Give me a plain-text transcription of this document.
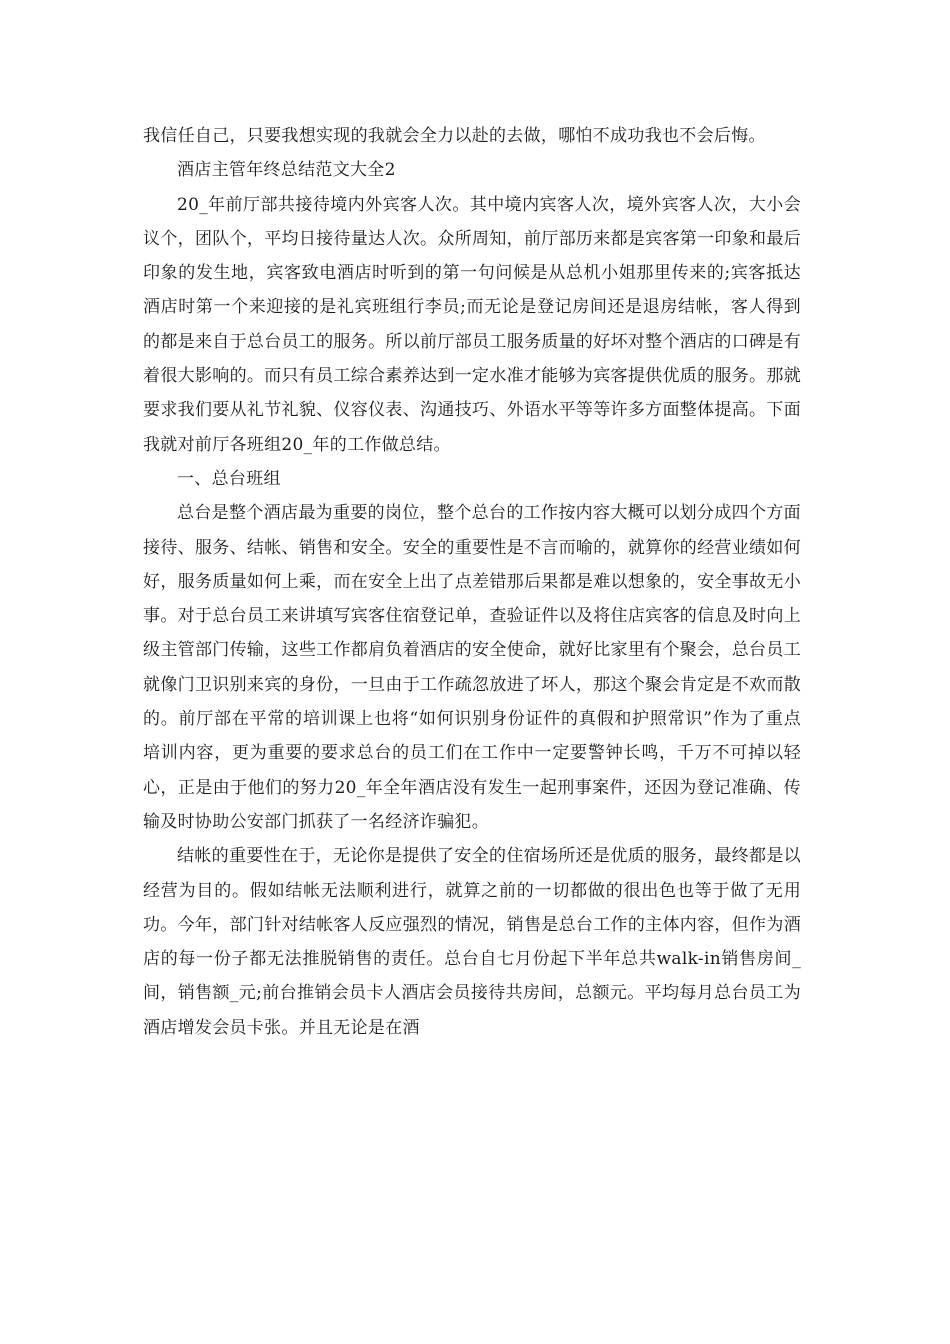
我信任自己，只要我想实现的我就会全力以赴的去做，哪怕不成功我也不会后悔。

酒店主管年终总结范文大全2

20_年前厅部共接待境内外宾客人次。其中境内宾客人次，境外宾客人次，大小会议个，团队个，平均日接待量达人次。众所周知，前厅部历来都是宾客第一印象和最后印象的发生地，宾客致电酒店时听到的第一句问候是从总机小姐那里传来的;宾客抵达酒店时第一个来迎接的是礼宾班组行李员;而无论是登记房间还是退房结帐，客人得到的都是来自于总台员工的服务。所以前厅部员工服务质量的好坏对整个酒店的口碑是有着很大影响的。而只有员工综合素养达到一定水准才能够为宾客提供优质的服务。那就要求我们要从礼节礼貌、仪容仪表、沟通技巧、外语水平等等许多方面整体提高。下面我就对前厅各班组20_年的工作做总结。

一、总台班组

总台是整个酒店最为重要的岗位，整个总台的工作按内容大概可以划分成四个方面接待、服务、结帐、销售和安全。安全的重要性是不言而喻的，就算你的经营业绩如何好，服务质量如何上乘，而在安全上出了点差错那后果都是难以想象的，安全事故无小事。对于总台员工来讲填写宾客住宿登记单，查验证件以及将住店宾客的信息及时向上级主管部门传输，这些工作都肩负着酒店的安全使命，就好比家里有个聚会，总台员工就像门卫识别来宾的身份，一旦由于工作疏忽放进了坏人，那这个聚会肯定是不欢而散的。前厅部在平常的培训课上也将“如何识别身份证件的真假和护照常识”作为了重点培训内容，更为重要的要求总台的员工们在工作中一定要警钟长鸣，千万不可掉以轻心，正是由于他们的努力20_年全年酒店没有发生一起刑事案件，还因为登记准确、传输及时协助公安部门抓获了一名经济诈骗犯。

结帐的重要性在于，无论你是提供了安全的住宿场所还是优质的服务，最终都是以经营为目的。假如结帐无法顺利进行，就算之前的一切都做的很出色也等于做了无用功。今年，部门针对结帐客人反应强烈的情况，销售是总台工作的主体内容，但作为酒店的每一份子都无法推脱销售的责任。总台自七月份起下半年总共walk-in销售房间_间，销售额_元;前台推销会员卡人酒店会员接待共房间，总额元。平均每月总台员工为酒店增发会员卡张。并且无论是在酒
